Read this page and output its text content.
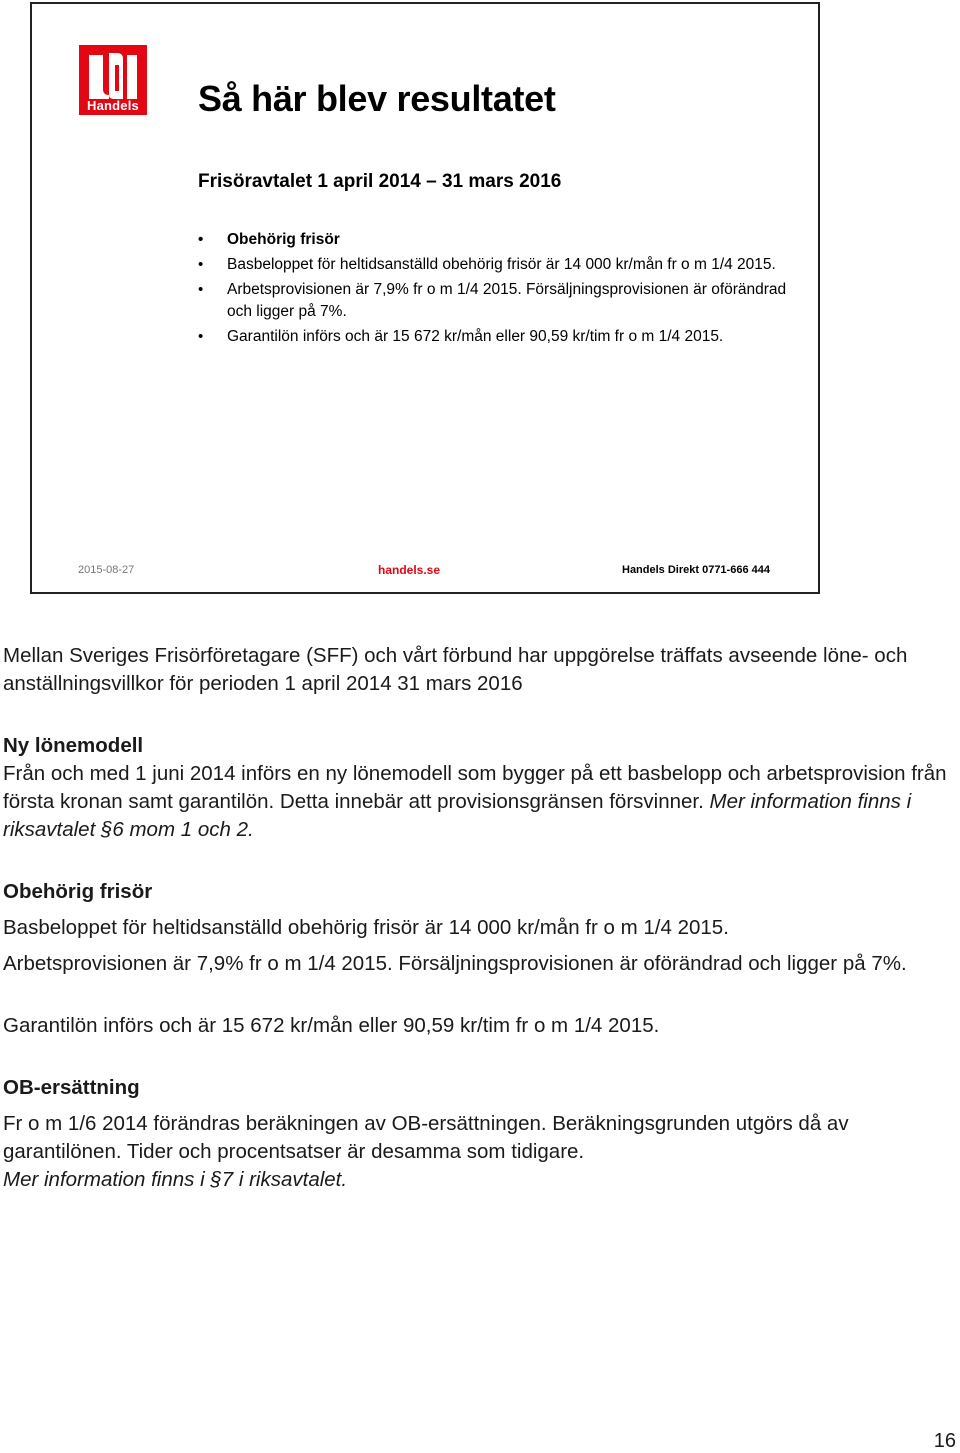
Handels Så här blev resultatet
Frisöravtalet 1 april 2014 – 31 mars 2016
• Obehörig frisör
• Basbeloppet för heltidsanställd obehörig frisör är 14 000 kr/mån fr o m 1/4 2015.
• Arbetsprovisionen är 7,9% fr o m 1/4 2015. Försäljningsprovisionen är oförändrad och ligger på 7%.
• Garantilön införs och är 15 672 kr/mån eller 90,59 kr/tim fr o m 1/4 2015.
2015-08-27	handels.se	Handels Direkt 0771-666 444

Mellan Sveriges Frisörföretagare (SFF) och vårt förbund har uppgörelse träffats avseende löne- och anställningsvillkor för perioden 1 april 2014 31 mars 2016

Ny lönemodell

Från och med 1 juni 2014 införs en ny lönemodell som bygger på ett basbelopp och arbetsprovision från första kronan samt garantilön. Detta innebär att provisionsgränsen försvinner. Mer information finns i riksavtalet §6 mom 1 och 2.

Obehörig frisör

Basbeloppet för heltidsanställd obehörig frisör är 14 000 kr/mån fr o m 1/4 2015.

Arbetsprovisionen är 7,9% fr o m 1/4 2015. Försäljningsprovisionen är oförändrad och ligger på 7%.

Garantilön införs och är 15 672 kr/mån eller 90,59 kr/tim fr o m 1/4 2015.

OB-ersättning

Fr o m 1/6 2014 förändras beräkningen av OB-ersättningen. Beräkningsgrunden utgörs då av garantilönen. Tider och procentsatser är desamma som tidigare.
Mer information finns i §7 i riksavtalet.

16
